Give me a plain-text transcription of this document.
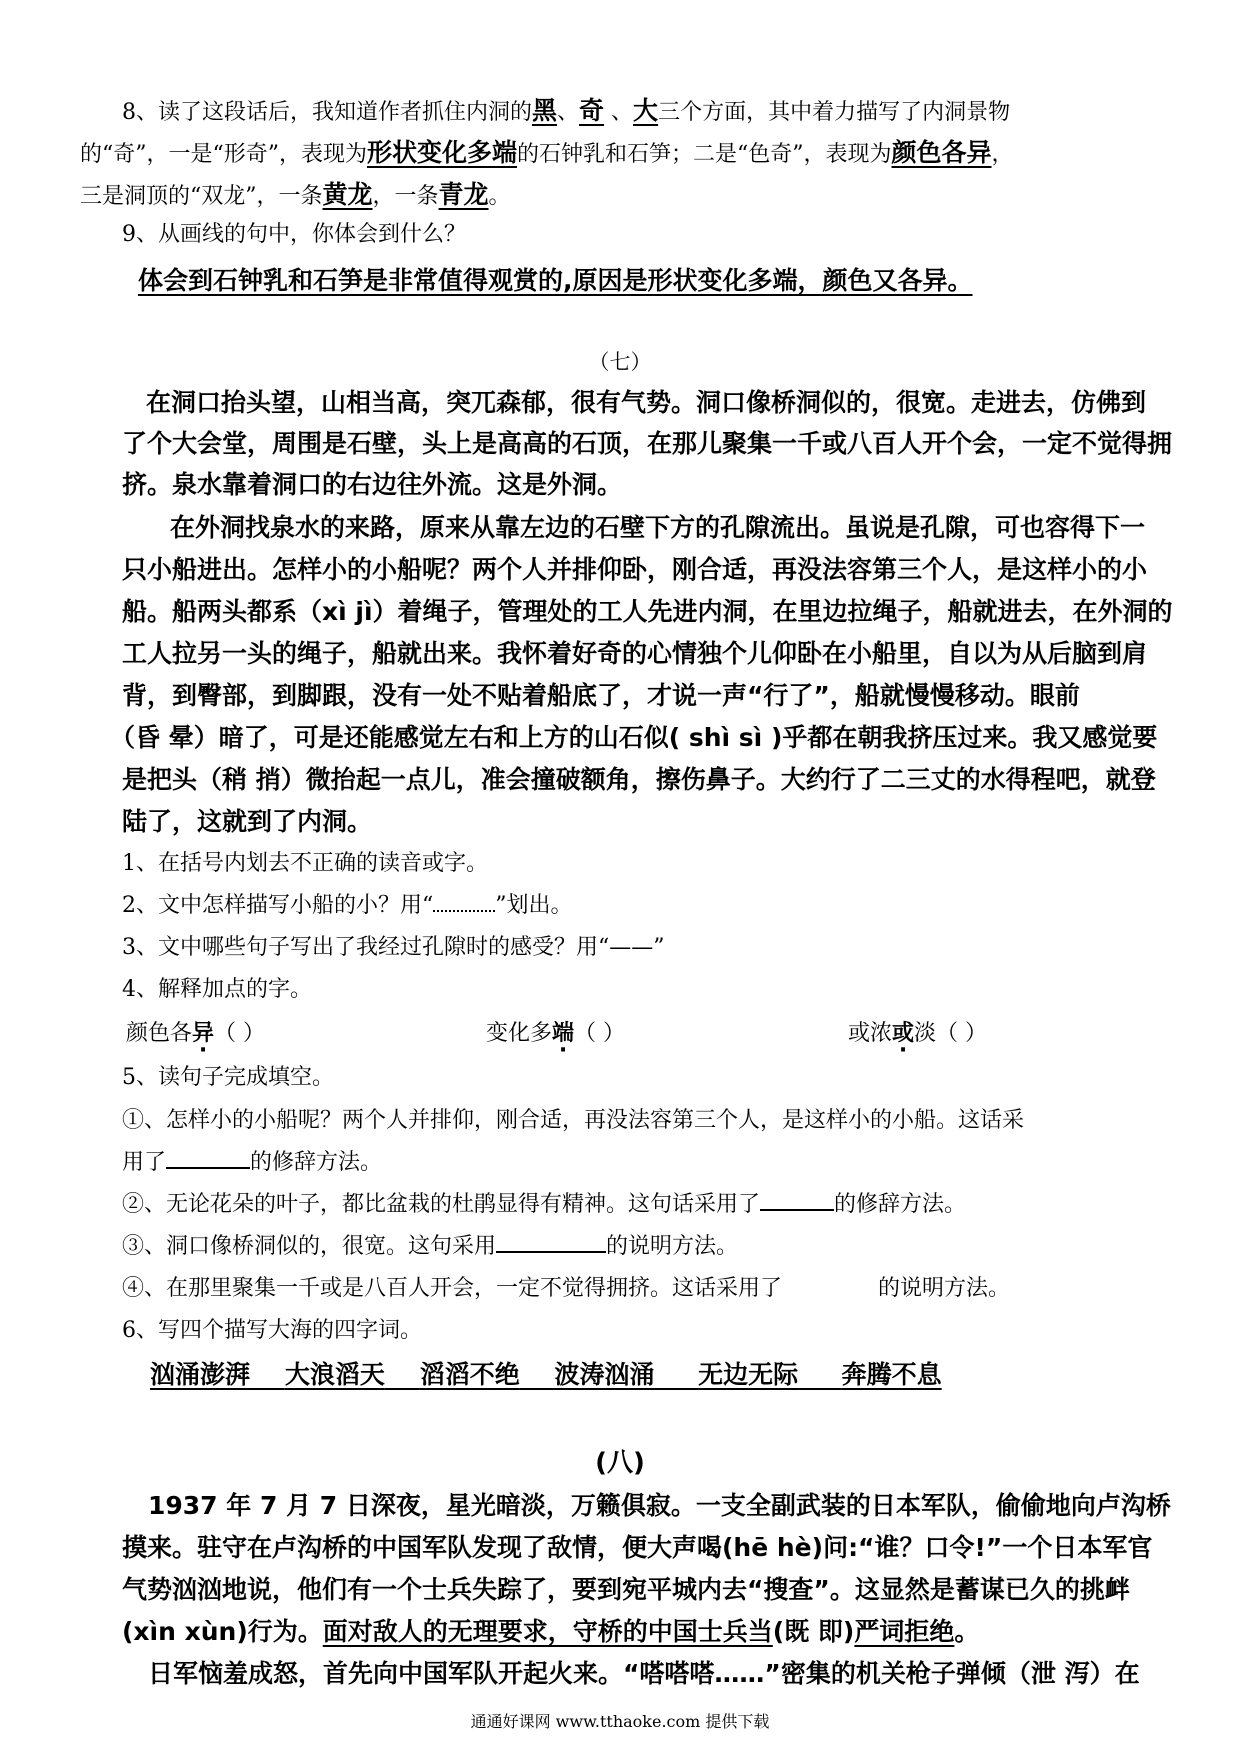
8、读了这段话后，我知道作者抓住内洞的黑、奇 、大三个方面，其中着力描写了内洞景物
的“奇”，一是“形奇”，表现为形状变化多端的石钟乳和石笋；二是“色奇”，表现为颜色各异，
三是洞顶的“双龙”，一条黄龙，一条青龙。
9、从画线的句中，你体会到什么？
体会到石钟乳和石笋是非常值得观赏的,原因是形状变化多端，颜色又各异。
（七）
在洞口抬头望，山相当高，突兀森郁，很有气势。洞口像桥洞似的，很宽。走进去，仿佛到
了个大会堂，周围是石壁，头上是高高的石顶，在那儿聚集一千或八百人开个会，一定不觉得拥
挤。泉水靠着洞口的右边往外流。这是外洞。
在外洞找泉水的来路，原来从靠左边的石壁下方的孔隙流出。虽说是孔隙，可也容得下一
只小船进出。怎样小的小船呢？两个人并排仰卧，刚合适，再没法容第三个人，是这样小的小
船。船两头都系（xì jì）着绳子，管理处的工人先进内洞，在里边拉绳子，船就进去，在外洞的
工人拉另一头的绳子，船就出来。我怀着好奇的心情独个儿仰卧在小船里，自以为从后脑到肩
背，到臀部，到脚跟，没有一处不贴着船底了，才说一声“行了”，船就慢慢移动。眼前
（昏 晕）暗了，可是还能感觉左右和上方的山石似( shì sì )乎都在朝我挤压过来。我又感觉要
是把头（稍 捎）微抬起一点儿，准会撞破额角，擦伤鼻子。大约行了二三丈的水得程吧，就登
陆了，这就到了内洞。
1、在括号内划去不正确的读音或字。
2、文中怎样描写小船的小？用“	”划出。
3、文中哪些句子写出了我经过孔隙时的感受？用“——”
4、解释加点的字。
颜色各异（ ）	变化多端（ ）	或浓或淡（ ）
5、读句子完成填空。
①、怎样小的小船呢？两个人并排仰，刚合适，再没法容第三个人，是这样小的小船。这话采
用了	的修辞方法。
②、无论花朵的叶子，都比盆栽的杜鹃显得有精神。这句话采用了	的修辞方法。
③、洞口像桥洞似的，很宽。这句采用	的说明方法。
④、在那里聚集一千或是八百人开会，一定不觉得拥挤。这话采用了	的说明方法。
6、写四个描写大海的四字词。
汹涌澎湃 大浪滔天 滔滔不绝 波涛汹涌 无边无际 奔腾不息
(八)
1937 年 7 月 7 日深夜，星光暗淡，万籁俱寂。一支全副武装的日本军队，偷偷地向卢沟桥
摸来。驻守在卢沟桥的中国军队发现了敌情，便大声喝(hē hè)问:“谁？口令!”一个日本军官
气势汹汹地说，他们有一个士兵失踪了，要到宛平城内去“搜查”。这显然是蓄谋已久的挑衅
(xìn xùn)行为。面对敌人的无理要求，守桥的中国士兵当(既 即)严词拒绝。
日军恼羞成怒，首先向中国军队开起火来。“嗒嗒嗒……”密集的机关枪子弹倾（泄 泻）在
通通好课网 www.tthaoke.com 提供下载
